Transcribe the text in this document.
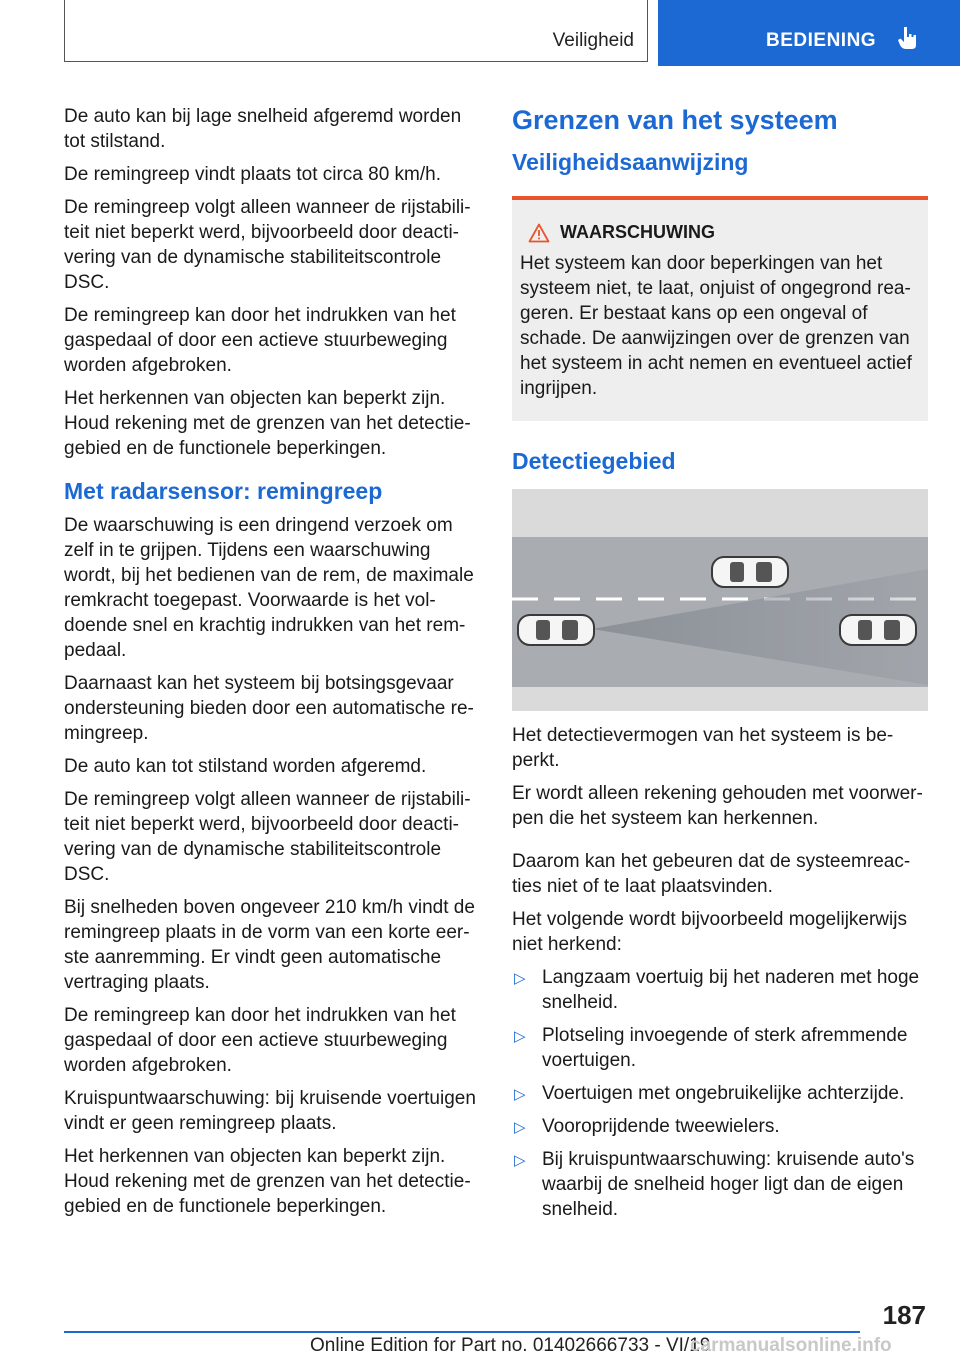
Veiligheid	BEDIENING

De auto kan bij lage snelheid afgeremd worden tot stilstand.

De remingreep vindt plaats tot circa 80 km/h.

De remingreep volgt alleen wanneer de rijstabili‐ teit niet beperkt werd, bijvoorbeeld door deacti‐ vering van de dynamische stabiliteitscontrole DSC.

De remingreep kan door het indrukken van het gaspedaal of door een actieve stuurbeweging worden afgebroken.

Het herkennen van objecten kan beperkt zijn. Houd rekening met de grenzen van het detectie‐ gebied en de functionele beperkingen.

Met radarsensor: remingreep

De waarschuwing is een dringend verzoek om zelf in te grijpen. Tijdens een waarschuwing wordt, bij het bedienen van de rem, de maximale remkracht toegepast. Voorwaarde is het vol‐ doende snel en krachtig indrukken van het rem‐ pedaal.

Daarnaast kan het systeem bij botsingsgevaar ondersteuning bieden door een automatische re‐ mingreep.

De auto kan tot stilstand worden afgeremd.

De remingreep volgt alleen wanneer de rijstabili‐ teit niet beperkt werd, bijvoorbeeld door deacti‐ vering van de dynamische stabiliteitscontrole DSC.

Bij snelheden boven ongeveer 210 km/h vindt de remingreep plaats in de vorm van een korte eer‐ ste aanremming. Er vindt geen automatische vertraging plaats.

De remingreep kan door het indrukken van het gaspedaal of door een actieve stuurbeweging worden afgebroken.

Kruispuntwaarschuwing: bij kruisende voertuigen vindt er geen remingreep plaats.

Het herkennen van objecten kan beperkt zijn. Houd rekening met de grenzen van het detectie‐ gebied en de functionele beperkingen.

Grenzen van het systeem
Veiligheidsaanwijzing
WAARSCHUWING

Het systeem kan door beperkingen van het systeem niet, te laat, onjuist of ongegrond rea‐ geren. Er bestaat kans op een ongeval of schade. De aanwijzingen over de grenzen van het systeem in acht nemen en eventueel actief ingrijpen.

Detectiegebied

Het detectievermogen van het systeem is be‐ perkt.

Er wordt alleen rekening gehouden met voorwer‐ pen die het systeem kan herkennen.

Daarom kan het gebeuren dat de systeemreac‐ ties niet of te laat plaatsvinden.

Het volgende wordt bijvoorbeeld mogelijkerwijs niet herkend:

▷ Langzaam voertuig bij het naderen met hoge snelheid.
▷ Plotseling invoegende of sterk afremmende voertuigen.
▷ Voertuigen met ongebruikelijke achterzijde.
▷ Vooroprijdende tweewielers.
▷ Bij kruispuntwaarschuwing: kruisende auto's waarbij de snelheid hoger ligt dan de eigen snelheid.
187
Online Edition for Part no. 01402666733 - VI/19
carmanualsonline.info
